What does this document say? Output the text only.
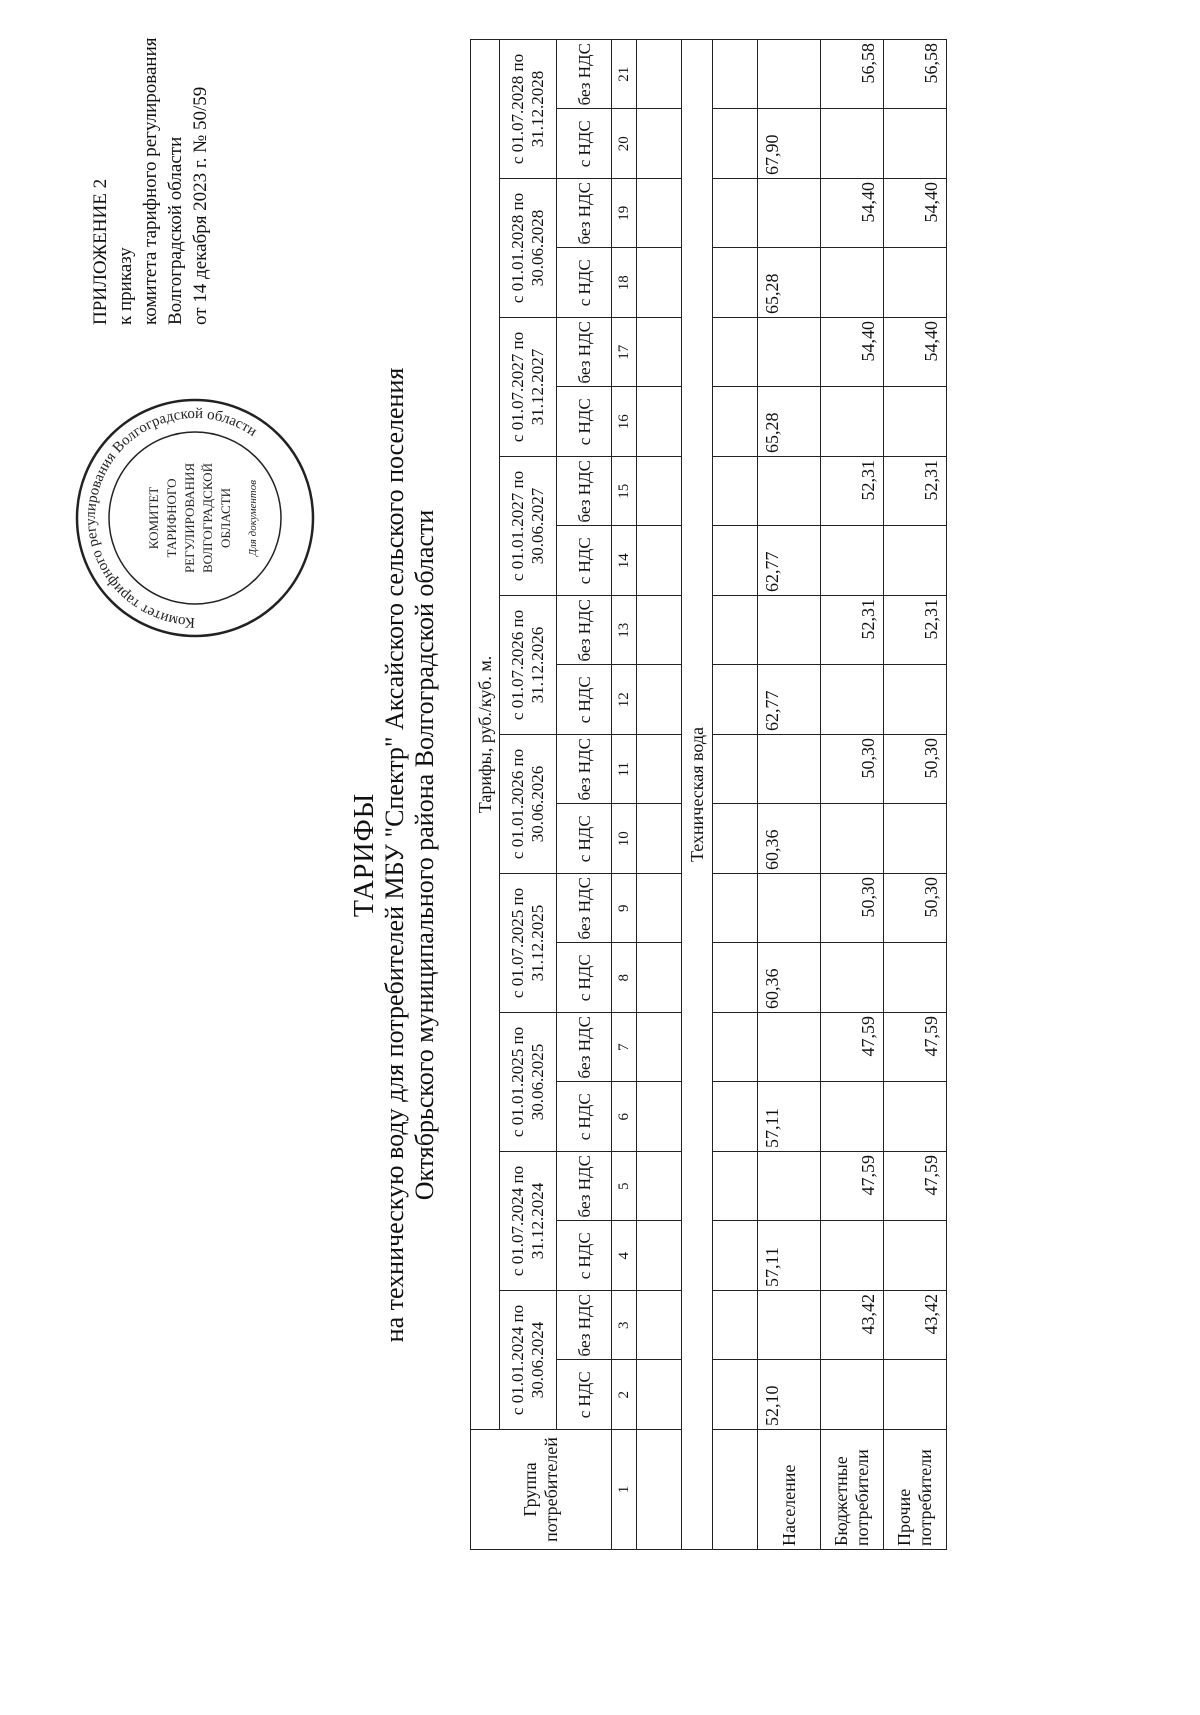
ПРИЛОЖЕНИЕ 2 к приказу комитета тарифного регулирования Волгоградской области от 14 декабря 2023 г. № 50/59
Комитет тарифного регулирования Волгоградской области
КОМИТЕТ ТАРИФНОГО РЕГУЛИРОВАНИЯ ВОЛГОГРАДСКОЙ ОБЛАСТИ Для документов
ТАРИФЫ на техническую воду для потребителей МБУ "Спектр" Аксайского сельского поселения Октябрьского муниципального района Волгоградской области
Группа потребителей	Тарифы, руб./куб. м.																			
	с 01.01.2024 по 30.06.2024		с 01.07.2024 по 31.12.2024		с 01.01.2025 по 30.06.2025		с 01.07.2025 по 31.12.2025		с 01.01.2026 по 30.06.2026		с 01.07.2026 по 31.12.2026		с 01.01.2027 по 30.06.2027		с 01.07.2027 по 31.12.2027		с 01.01.2028 по 30.06.2028		с 01.07.2028 по 31.12.2028	
	с НДС	без НДС	с НДС	без НДС	с НДС	без НДС	с НДС	без НДС	с НДС	без НДС	с НДС	без НДС	с НДС	без НДС	с НДС	без НДС	с НДС	без НДС	с НДС	без НДС
1	2	3	4	5	6	7	8	9	10	11	12	13	14	15	16	17	18	19	20	21

Техническая вода																				

Население	52,10		57,11		57,11		60,36		60,36		62,77		62,77		65,28		65,28		67,90	
Бюджетные потребители		43,42		47,59		47,59		50,30		50,30		52,31		52,31		54,40		54,40		56,58
Прочие потребители		43,42		47,59		47,59		50,30		50,30		52,31		52,31		54,40		54,40		56,58
